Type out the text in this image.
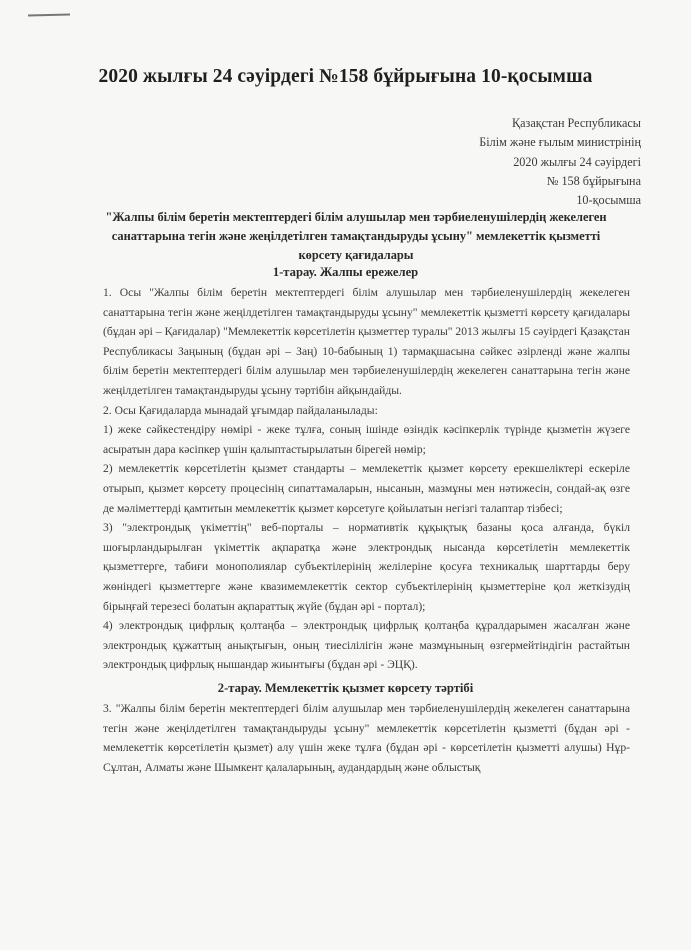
2020 жылғы 24 сәуірдегі №158 бұйрығына 10-қосымша
Қазақстан Республикасы
Білім және ғылым министрінің
2020 жылғы 24 сәуірдегі
№ 158 бұйрығына
10-қосымша
"Жалпы білім беретін мектептердегі білім алушылар мен тәрбиеленушілердің жекелеген санаттарына тегін және жеңілдетілген тамақтандыруды ұсыну" мемлекеттік қызметті көрсету қағидалары
1-тарау. Жалпы ережелер

1. Осы "Жалпы білім беретін мектептердегі білім алушылар мен тәрбиеленушілердің жекелеген санаттарына тегін және жеңілдетілген тамақтандыруды ұсыну" мемлекеттік қызметті көрсету қағидалары (бұдан әрі – Қағидалар) "Мемлекеттік көрсетілетін қызметтер туралы" 2013 жылғы 15 сәуірдегі Қазақстан Республикасы Заңының (бұдан әрі – Заң) 10-бабының 1) тармақшасына сәйкес әзірленді және жалпы білім беретін мектептердегі білім алушылар мен тәрбиеленушілердің жекелеген санаттарына тегін және жеңілдетілген тамақтандыруды ұсыну тәртібін айқындайды.

2. Осы Қағидаларда мынадай ұғымдар пайдаланылады:

1) жеке сәйкестендіру нөмірі - жеке тұлға, соның ішінде өзіндік кәсіпкерлік түрінде қызметін жүзеге асыратын дара кәсіпкер үшін қалыптастырылатын бірегей нөмір;

2) мемлекеттік көрсетілетін қызмет стандарты – мемлекеттік қызмет көрсету ерекшеліктері ескеріле отырып, қызмет көрсету процесінің сипаттамаларын, нысанын, мазмұны мен нәтижесін, сондай-ақ өзге де мәліметтерді қамтитын мемлекеттік қызмет көрсетуге қойылатын негізгі талаптар тізбесі;

3) "электрондық үкіметтің" веб-порталы – нормативтік құқықтық базаны қоса алғанда, бүкіл шоғырландырылған үкіметтік ақпаратқа және электрондық нысанда көрсетілетін мемлекеттік қызметтерге, табиғи монополиялар субъектілерінің желілеріне қосуға техникалық шарттарды беру жөніндегі қызметтерге және квазимемлекеттік сектор субъектілерінің қызметтеріне қол жеткізудің бірыңғай терезесі болатын ақпараттық жүйе (бұдан әрі - портал);

4) электрондық цифрлық қолтаңба – электрондық цифрлық қолтаңба құралдарымен жасалған және электрондық құжаттың анықтығын, оның тиесілілігін және мазмұнының өзгермейтіндігін растайтын электрондық цифрлық нышандар жиынтығы (бұдан әрі - ЭЦҚ).

2-тарау. Мемлекеттік қызмет көрсету тәртібі

3. "Жалпы білім беретін мектептердегі білім алушылар мен тәрбиеленушілердің жекелеген санаттарына тегін және жеңілдетілген тамақтандыруды ұсыну" мемлекеттік көрсетілетін қызметті (бұдан әрі - мемлекеттік көрсетілетін қызмет) алу үшін жеке тұлға (бұдан әрі - көрсетілетін қызметті алушы) Нұр-Сұлтан, Алматы және Шымкент қалаларының, аудандардың және облыстық
